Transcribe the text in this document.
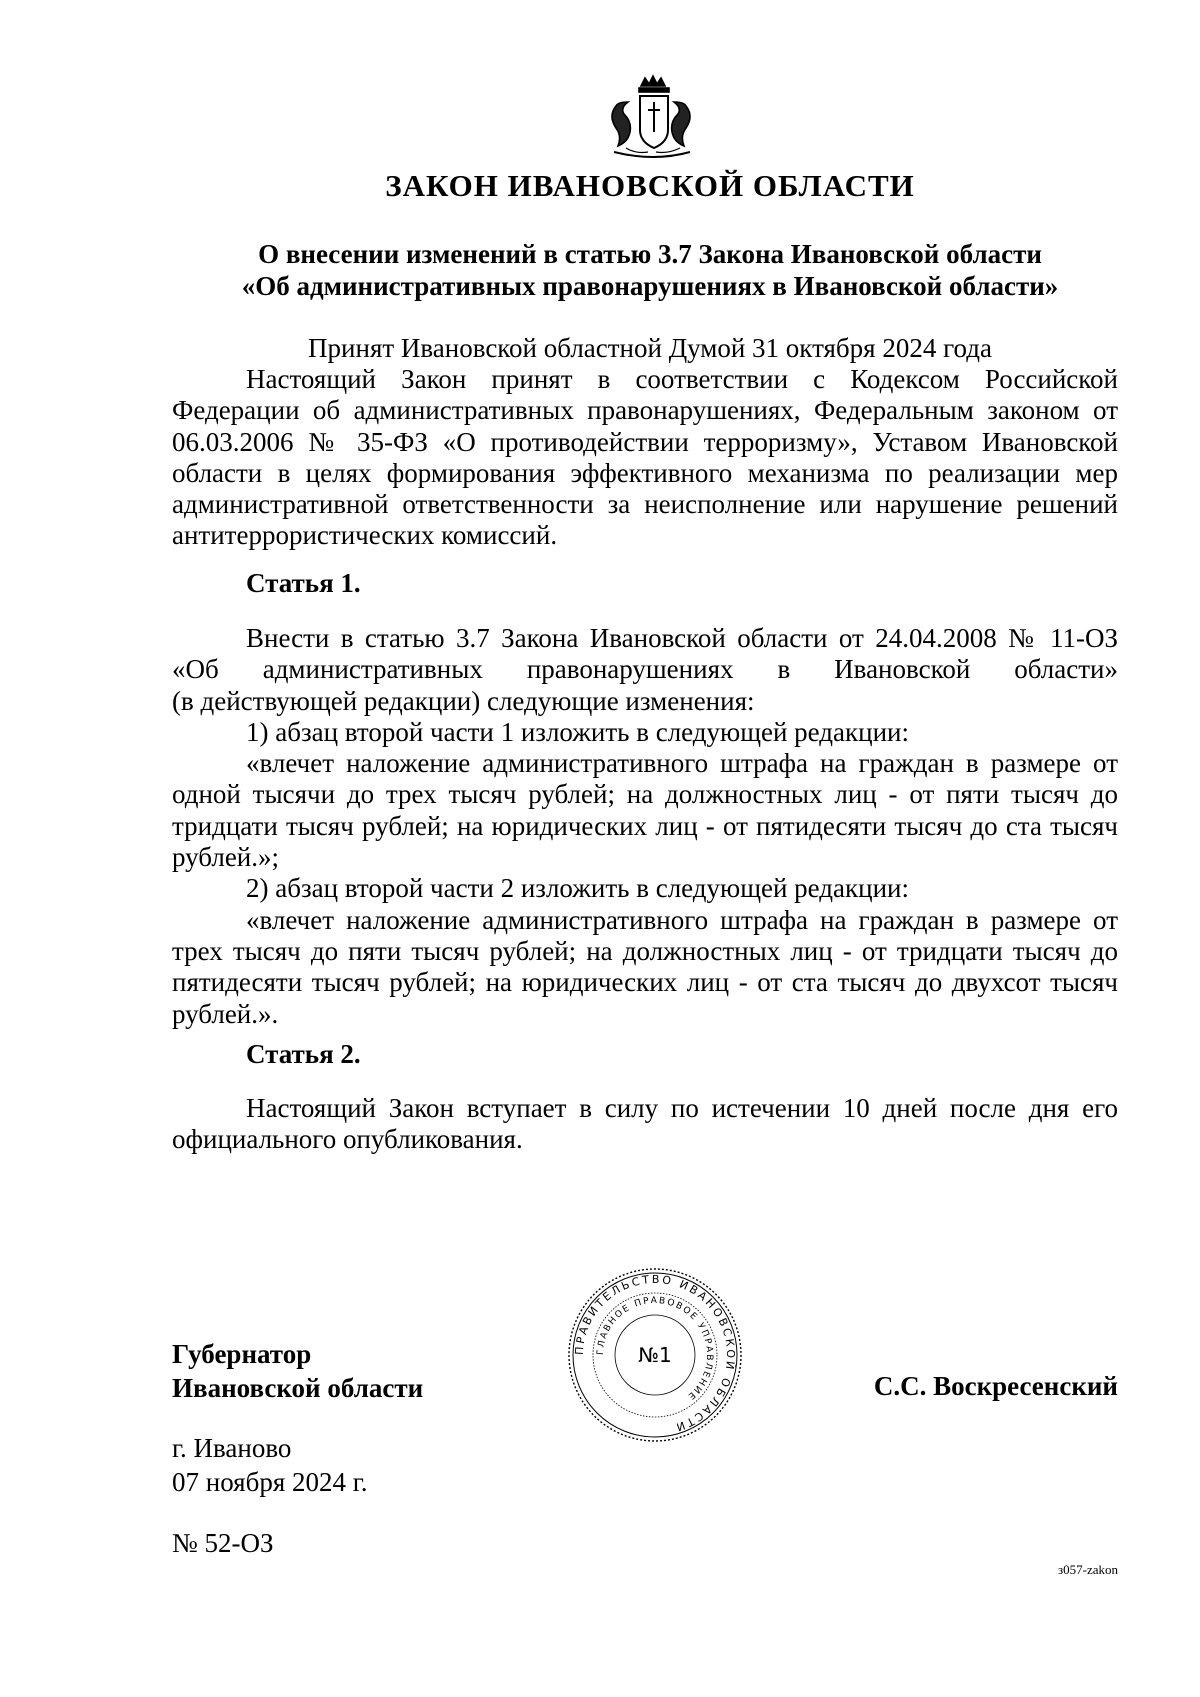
ЗАКОН ИВАНОВСКОЙ ОБЛАСТИ
О внесении изменений в статью 3.7 Закона Ивановской области
«Об административных правонарушениях в Ивановской области»
Принят Ивановской областной Думой 31 октября 2024 года

Настоящий Закон принят в соответствии с Кодексом Российской Федерации об административных правонарушениях, Федеральным законом от 06.03.2006 № 35-ФЗ «О противодействии терроризму», Уставом Ивановской области в целях формирования эффективного механизма по реализации мер административной ответственности за неисполнение или нарушение решений антитеррористических комиссий.

Статья 1.

Внести в статью 3.7 Закона Ивановской области от 24.04.2008 № 11-ОЗ «Об административных правонарушениях в Ивановской области»

(в действующей редакции) следующие изменения:

1) абзац второй части 1 изложить в следующей редакции:

«влечет наложение административного штрафа на граждан в размере от одной тысячи до трех тысяч рублей; на должностных лиц - от пяти тысяч до тридцати тысяч рублей; на юридических лиц - от пятидесяти тысяч до ста тысяч рублей.»;

2) абзац второй части 2 изложить в следующей редакции:

«влечет наложение административного штрафа на граждан в размере от трех тысяч до пяти тысяч рублей; на должностных лиц - от тридцати тысяч до пятидесяти тысяч рублей; на юридических лиц - от ста тысяч до двухсот тысяч рублей.».

Статья 2.

Настоящий Закон вступает в силу по истечении 10 дней после дня его официального опубликования.

Губернатор
Ивановской области
ПРАВИТЕЛЬСТВО ИВАНОВСКОЙ ОБЛАСТИ
ГЛАВНОЕ ПРАВОВОЕ УПРАВЛЕНИЕ
№1
С.С. Воскресенский
г. Иваново
07 ноября 2024 г.
№ 52-ОЗ
з057-zakon
